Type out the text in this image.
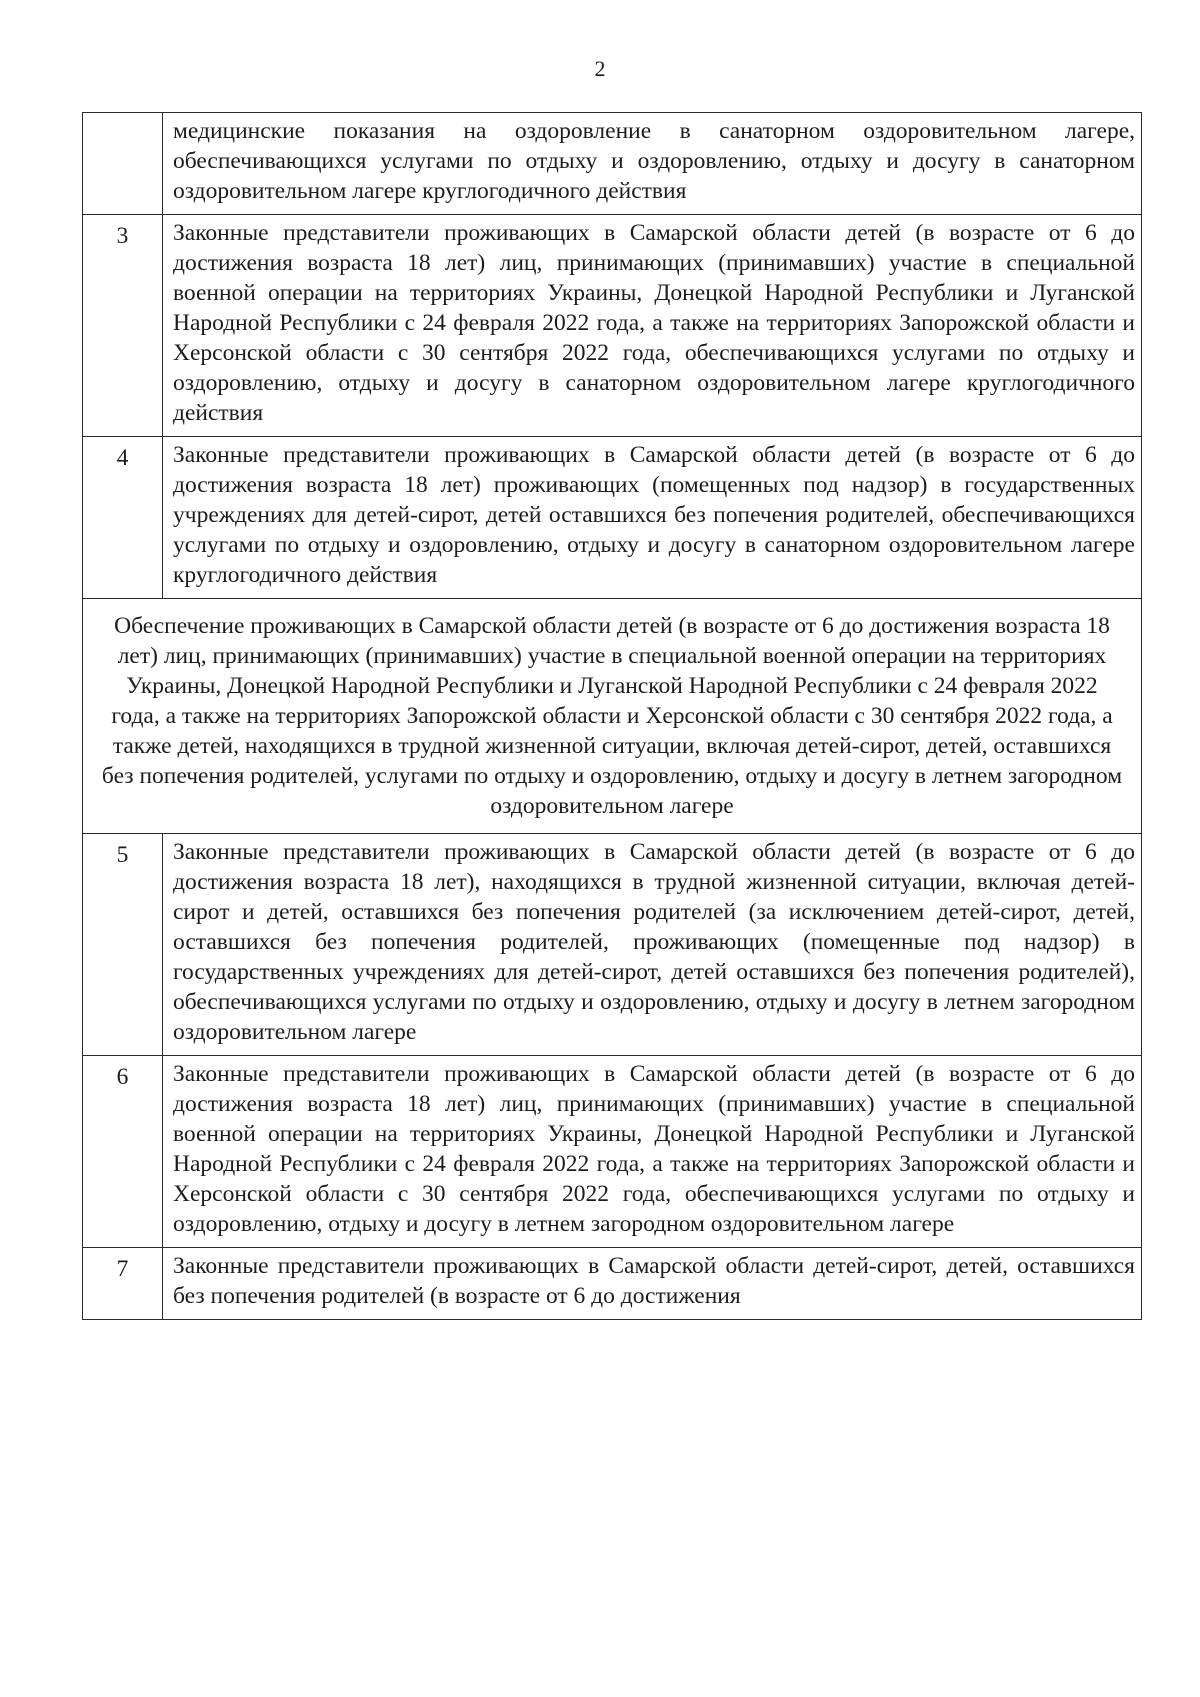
2
	медицинские показания на оздоровление в санаторном оздоровительном лагере, обеспечивающихся услугами по отдыху и оздоровлению, отдыху и досугу в санаторном оздоровительном лагере круглогодичного действия
3	Законные представители проживающих в Самарской области детей (в возрасте от 6 до достижения возраста 18 лет) лиц, принимающих (принимавших) участие в специальной военной операции на территориях Украины, Донецкой Народной Республики и Луганской Народной Республики с 24 февраля 2022 года, а также на территориях Запорожской области и Херсонской области с 30 сентября 2022 года, обеспечивающихся услугами по отдыху и оздоровлению, отдыху и досугу в санаторном оздоровительном лагере круглогодичного действия
4	Законные представители проживающих в Самарской области детей (в возрасте от 6 до достижения возраста 18 лет) проживающих (помещенных под надзор) в государственных учреждениях для детей-сирот, детей оставшихся без попечения родителей, обеспечивающихся услугами по отдыху и оздоровлению, отдыху и досугу в санаторном оздоровительном лагере круглогодичного действия
Обеспечение проживающих в Самарской области детей (в возрасте от 6 до достижения возраста 18 лет) лиц, принимающих (принимавших) участие в специальной военной операции на территориях Украины, Донецкой Народной Республики и Луганской Народной Республики с 24 февраля 2022 года, а также на территориях Запорожской области и Херсонской области с 30 сентября 2022 года, а также детей, находящихся в трудной жизненной ситуации, включая детей-сирот, детей, оставшихся без попечения родителей, услугами по отдыху и оздоровлению, отдыху и досугу в летнем загородном оздоровительном лагере	
5	Законные представители проживающих в Самарской области детей (в возрасте от 6 до достижения возраста 18 лет), находящихся в трудной жизненной ситуации, включая детей-сирот и детей, оставшихся без попечения родителей (за исключением детей-сирот, детей, оставшихся без попечения родителей, проживающих (помещенные под надзор) в государственных учреждениях для детей-сирот, детей оставшихся без попечения родителей), обеспечивающихся услугами по отдыху и оздоровлению, отдыху и досугу в летнем загородном оздоровительном лагере
6	Законные представители проживающих в Самарской области детей (в возрасте от 6 до достижения возраста 18 лет) лиц, принимающих (принимавших) участие в специальной военной операции на территориях Украины, Донецкой Народной Республики и Луганской Народной Республики с 24 февраля 2022 года, а также на территориях Запорожской области и Херсонской области с 30 сентября 2022 года, обеспечивающихся услугами по отдыху и оздоровлению, отдыху и досугу в летнем загородном оздоровительном лагере
7	Законные представители проживающих в Самарской области детей-сирот, детей, оставшихся без попечения родителей (в возрасте от 6 до достижения
